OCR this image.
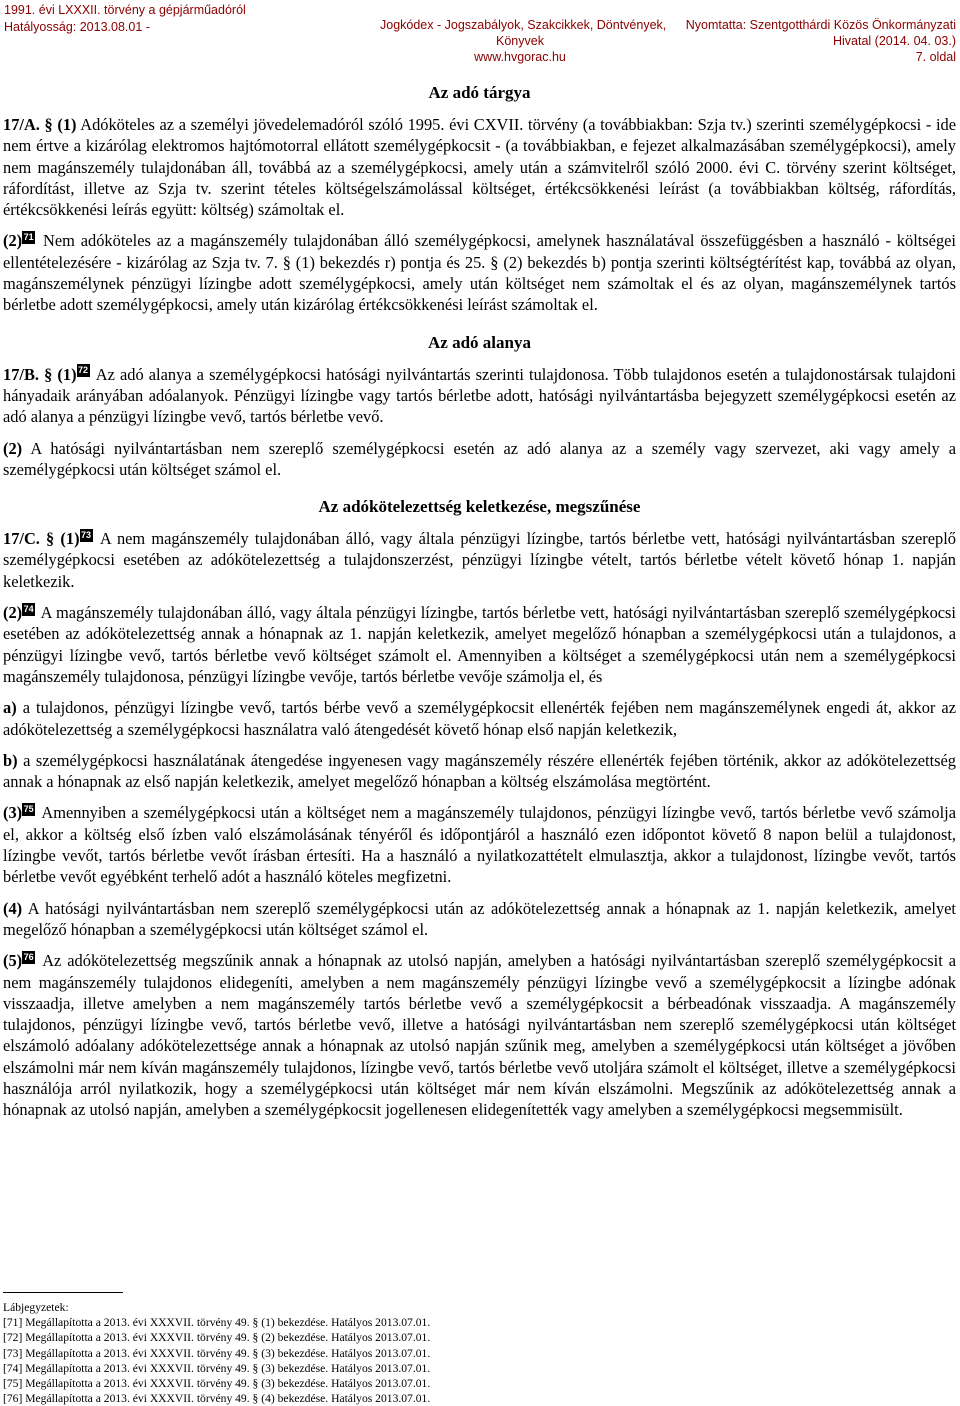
1991. évi LXXXII. törvény a gépjárműadóról
Hatályosság: 2013.08.01 -	Jogkódex - Jogszabályok, Szakcikkek, Döntvények,
Könyvek
www.hvgorac.hu
Nyomtatta: Szentgotthárdi Közös Önkormányzati
Hivatal (2014. 04. 03.)
7. oldal
Az adó tárgya

17/A. § (1) Adóköteles az a személyi jövedelemadóról szóló 1995. évi CXVII. törvény (a továbbiakban: Szja tv.) szerinti személygépkocsi - ide nem értve a kizárólag elektromos hajtómotorral ellátott személygépkocsit - (a továbbiakban, e fejezet alkalmazásában személygépkocsi), amely nem magánszemély tulajdonában áll, továbbá az a személygépkocsi, amely után a számvitelről szóló 2000. évi C. törvény szerint költséget, ráfordítást, illetve az Szja tv. szerint tételes költségelszámolással költséget, értékcsökkenési leírást (a továbbiakban költség, ráfordítás, értékcsökkenési leírás együtt: költség) számoltak el.

(2)71 Nem adóköteles az a magánszemély tulajdonában álló személygépkocsi, amelynek használatával összefüggésben a használó - költségei ellentételezésére - kizárólag az Szja tv. 7. § (1) bekezdés r) pontja és 25. § (2) bekezdés b) pontja szerinti költségtérítést kap, továbbá az olyan, magánszemélynek pénzügyi lízingbe adott személygépkocsi, amely után költséget nem számoltak el és az olyan, magánszemélynek tartós bérletbe adott személygépkocsi, amely után kizárólag értékcsökkenési leírást számoltak el.

Az adó alanya

17/B. § (1)72 Az adó alanya a személygépkocsi hatósági nyilvántartás szerinti tulajdonosa. Több tulajdonos esetén a tulajdonostársak tulajdoni hányadaik arányában adóalanyok. Pénzügyi lízingbe vagy tartós bérletbe adott, hatósági nyilvántartásba bejegyzett személygépkocsi esetén az adó alanya a pénzügyi lízingbe vevő, tartós bérletbe vevő.

(2) A hatósági nyilvántartásban nem szereplő személygépkocsi esetén az adó alanya az a személy vagy szervezet, aki vagy amely a személygépkocsi után költséget számol el.

Az adókötelezettség keletkezése, megszűnése

17/C. § (1)73 A nem magánszemély tulajdonában álló, vagy általa pénzügyi lízingbe, tartós bérletbe vett, hatósági nyilvántartásban szereplő személygépkocsi esetében az adókötelezettség a tulajdonszerzést, pénzügyi lízingbe vételt, tartós bérletbe vételt követő hónap 1. napján keletkezik.

(2)74 A magánszemély tulajdonában álló, vagy általa pénzügyi lízingbe, tartós bérletbe vett, hatósági nyilvántartásban szereplő személygépkocsi esetében az adókötelezettség annak a hónapnak az 1. napján keletkezik, amelyet megelőző hónapban a személygépkocsi után a tulajdonos, a pénzügyi lízingbe vevő, tartós bérletbe vevő költséget számolt el. Amennyiben a költséget a személygépkocsi után nem a személygépkocsi magánszemély tulajdonosa, pénzügyi lízingbe vevője, tartós bérletbe vevője számolja el, és

a) a tulajdonos, pénzügyi lízingbe vevő, tartós bérbe vevő a személygépkocsit ellenérték fejében nem magánszemélynek engedi át, akkor az adókötelezettség a személygépkocsi használatra való átengedését követő hónap első napján keletkezik,

b) a személygépkocsi használatának átengedése ingyenesen vagy magánszemély részére ellenérték fejében történik, akkor az adókötelezettség annak a hónapnak az első napján keletkezik, amelyet megelőző hónapban a költség elszámolása megtörtént.

(3)75 Amennyiben a személygépkocsi után a költséget nem a magánszemély tulajdonos, pénzügyi lízingbe vevő, tartós bérletbe vevő számolja el, akkor a költség első ízben való elszámolásának tényéről és időpontjáról a használó ezen időpontot követő 8 napon belül a tulajdonost, lízingbe vevőt, tartós bérletbe vevőt írásban értesíti. Ha a használó a nyilatkozattételt elmulasztja, akkor a tulajdonost, lízingbe vevőt, tartós bérletbe vevőt egyébként terhelő adót a használó köteles megfizetni.

(4) A hatósági nyilvántartásban nem szereplő személygépkocsi után az adókötelezettség annak a hónapnak az 1. napján keletkezik, amelyet megelőző hónapban a személygépkocsi után költséget számol el.

(5)76 Az adókötelezettség megszűnik annak a hónapnak az utolsó napján, amelyben a hatósági nyilvántartásban szereplő személygépkocsit a nem magánszemély tulajdonos elidegeníti, amelyben a nem magánszemély pénzügyi lízingbe vevő a személygépkocsit a lízingbe adónak visszaadja, illetve amelyben a nem magánszemély tartós bérletbe vevő a személygépkocsit a bérbeadónak visszaadja. A magánszemély tulajdonos, pénzügyi lízingbe vevő, tartós bérletbe vevő, illetve a hatósági nyilvántartásban nem szereplő személygépkocsi után költséget elszámoló adóalany adókötelezettsége annak a hónapnak az utolsó napján szűnik meg, amelyben a személygépkocsi után költséget a jövőben elszámolni már nem kíván magánszemély tulajdonos, lízingbe vevő, tartós bérletbe vevő utoljára számolt el költséget, illetve a személygépkocsi használója arról nyilatkozik, hogy a személygépkocsi után költséget már nem kíván elszámolni. Megszűnik az adókötelezettség annak a hónapnak az utolsó napján, amelyben a személygépkocsit jogellenesen elidegenítették vagy amelyben a személygépkocsi megsemmisült.

Lábjegyzetek:
[71] Megállapította a 2013. évi XXXVII. törvény 49. § (1) bekezdése. Hatályos 2013.07.01.
[72] Megállapította a 2013. évi XXXVII. törvény 49. § (2) bekezdése. Hatályos 2013.07.01.
[73] Megállapította a 2013. évi XXXVII. törvény 49. § (3) bekezdése. Hatályos 2013.07.01.
[74] Megállapította a 2013. évi XXXVII. törvény 49. § (3) bekezdése. Hatályos 2013.07.01.
[75] Megállapította a 2013. évi XXXVII. törvény 49. § (3) bekezdése. Hatályos 2013.07.01.
[76] Megállapította a 2013. évi XXXVII. törvény 49. § (4) bekezdése. Hatályos 2013.07.01.
